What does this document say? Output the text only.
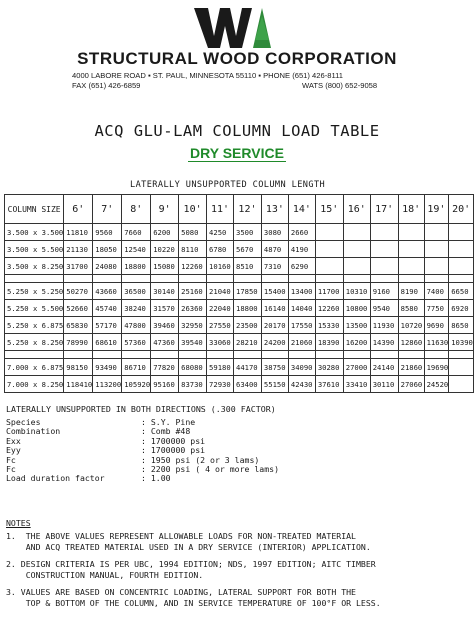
STRUCTURAL WOOD CORPORATION
4000 LABORE ROAD ▪ ST. PAUL, MINNESOTA 55110 ▪ PHONE (651) 426-8111
FAX (651) 426-6859	WATS (800) 652-9058
ACQ GLU-LAM COLUMN LOAD TABLE
DRY SERVICE
LATERALLY UNSUPPORTED COLUMN LENGTH
COLUMN SIZE	6'	7'	8'	9'	10'	11'	12'	13'	14'	15'	16'	17'	18'	19'	20'
3.500 x 3.500	11810	9560	7660	6200	5080	4250	3500	3080	2660						
3.500 x 5.500	21130	18050	12540	10220	8110	6780	5670	4870	4190						
3.500 x 8.250	31700	24080	18800	15080	12260	10160	8510	7310	6290						

5.250 x 5.250	50270	43660	36500	30140	25160	21040	17850	15400	13400	11700	10310	9160	8190	7400	6650
5.250 x 5.500	52660	45740	38240	31570	26360	22040	18800	16140	14040	12260	10800	9540	8580	7750	6920
5.250 x 6.875	65830	57170	47800	39460	32950	27550	23500	20170	17550	15330	13500	11930	10720	9690	8650
5.250 x 8.250	78990	68610	57360	47360	39540	33060	28210	24200	21060	18390	16200	14390	12860	11630	10390

7.000 x 6.875	98150	93490	86710	77820	68080	59180	44170	38750	34090	30280	27000	24140	21860	19690	
7.000 x 8.250	118410	113200	105920	95160	83730	72930	63400	55150	42430	37610	33410	30110	27060	24520	
LATERALLY UNSUPPORTED IN BOTH DIRECTIONS (.300 FACTOR)
Species	: S.Y. Pine
Combination	: Comb #48
Exx	: 1700000 psi
Eyy	: 1700000 psi
Fc	: 1950 psi (2 or 3 lams)
Fc	: 2200 psi ( 4 or more lams)
Load duration factor	: 1.00
NOTES
1.  THE ABOVE VALUES REPRESENT ALLOWABLE LOADS FOR NON-TREATED MATERIAL
AND ACQ TREATED MATERIAL USED IN A DRY SERVICE (INTERIOR) APPLICATION.
2. DESIGN CRITERIA IS PER UBC, 1994 EDITION; NDS, 1997 EDITION; AITC TIMBER
CONSTRUCTION MANUAL, FOURTH EDITION.
3. VALUES ARE BASED ON CONCENTRIC LOADING, LATERAL SUPPORT FOR BOTH THE
TOP & BOTTOM OF THE COLUMN, AND IN SERVICE TEMPERATURE OF 100°F OR LESS.
